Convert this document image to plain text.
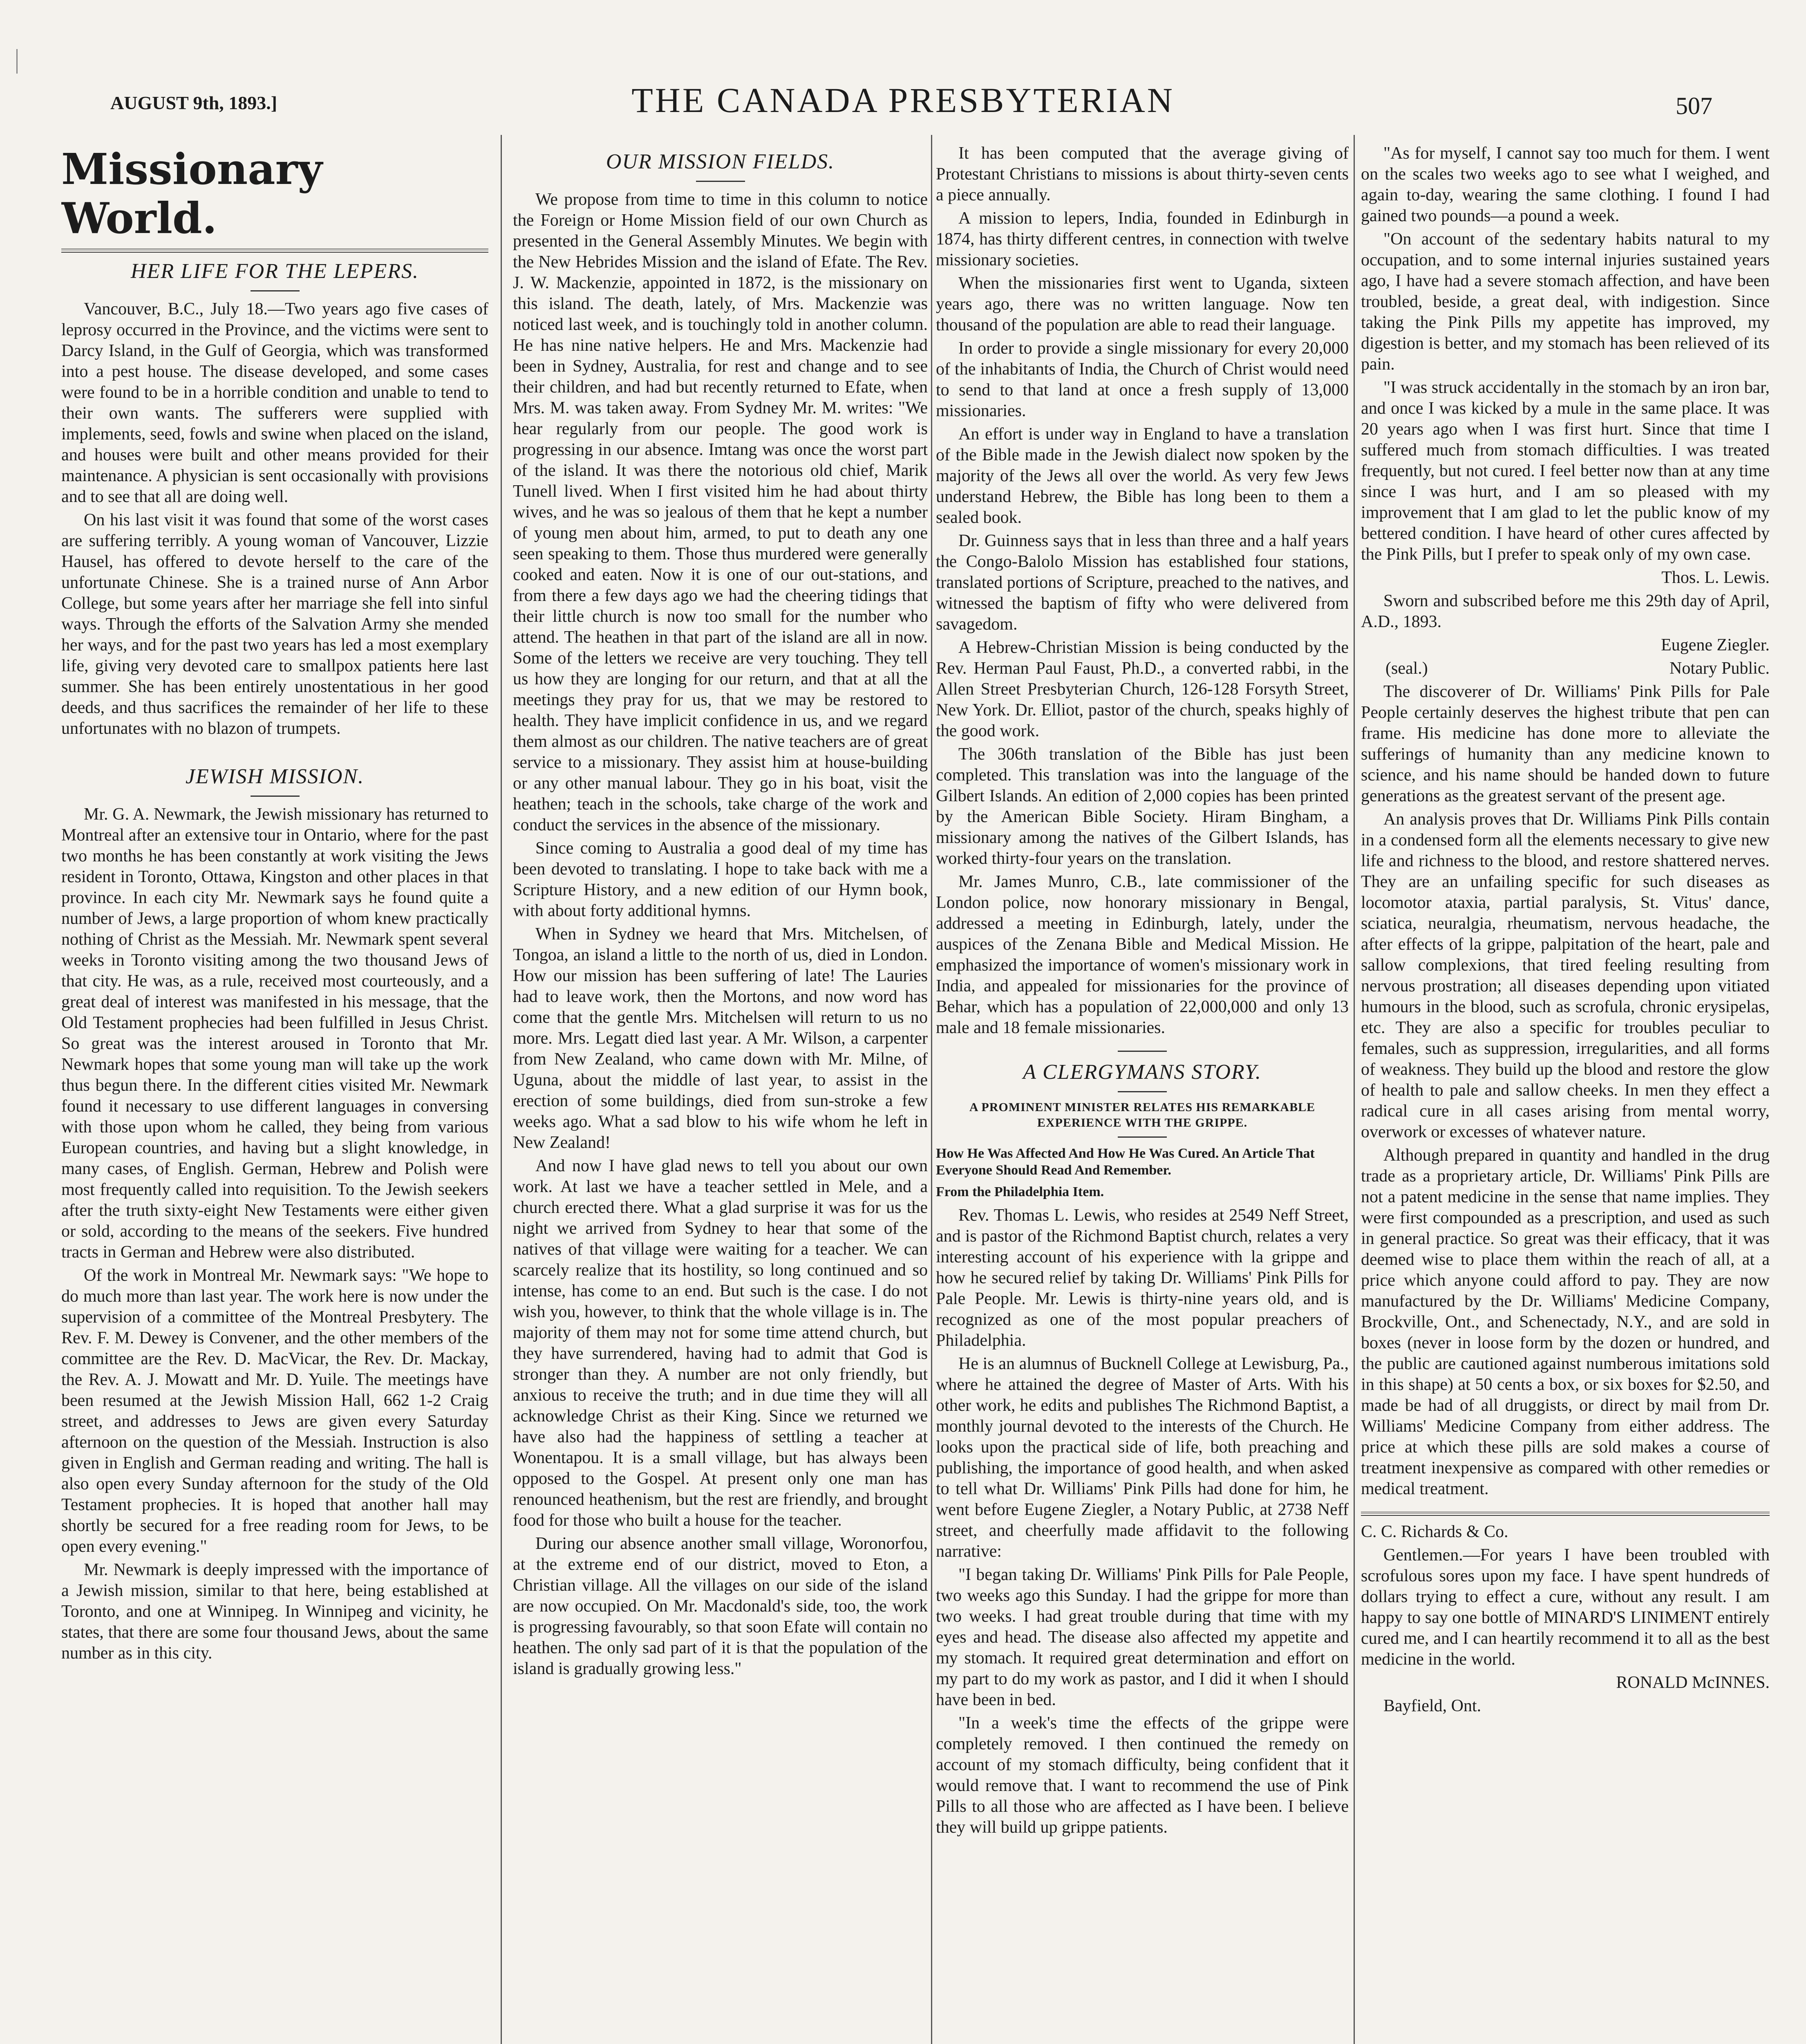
AUGUST 9th, 1893.]	THE CANADA PRESBYTERIAN	507
Missionary World.
HER LIFE FOR THE LEPERS.

Vancouver, B.C., July 18.—Two years ago five cases of leprosy occurred in the Province, and the victims were sent to Darcy Island, in the Gulf of Georgia, which was transformed into a pest house. The disease developed, and some cases were found to be in a horrible condition and unable to tend to their own wants. The sufferers were supplied with implements, seed, fowls and swine when placed on the island, and houses were built and other means provided for their maintenance. A physician is sent occasionally with provisions and to see that all are doing well.

On his last visit it was found that some of the worst cases are suffering terribly. A young woman of Vancouver, Lizzie Hausel, has offered to devote herself to the care of the unfortunate Chinese. She is a trained nurse of Ann Arbor College, but some years after her marriage she fell into sinful ways. Through the efforts of the Salvation Army she mended her ways, and for the past two years has led a most exemplary life, giving very devoted care to smallpox patients here last summer. She has been entirely unostentatious in her good deeds, and thus sacrifices the remainder of her life to these unfortunates with no blazon of trumpets.

JEWISH MISSION.

Mr. G. A. Newmark, the Jewish missionary has returned to Montreal after an extensive tour in Ontario, where for the past two months he has been constantly at work visiting the Jews resident in Toronto, Ottawa, Kingston and other places in that province. In each city Mr. Newmark says he found quite a number of Jews, a large proportion of whom knew practically nothing of Christ as the Messiah. Mr. Newmark spent several weeks in Toronto visiting among the two thousand Jews of that city. He was, as a rule, received most courteously, and a great deal of interest was manifested in his message, that the Old Testament prophecies had been fulfilled in Jesus Christ. So great was the interest aroused in Toronto that Mr. Newmark hopes that some young man will take up the work thus begun there. In the different cities visited Mr. Newmark found it necessary to use different languages in conversing with those upon whom he called, they being from various European countries, and having but a slight knowledge, in many cases, of English. German, Hebrew and Polish were most frequently called into requisition. To the Jewish seekers after the truth sixty-eight New Testaments were either given or sold, according to the means of the seekers. Five hundred tracts in German and Hebrew were also distributed.

Of the work in Montreal Mr. Newmark says: "We hope to do much more than last year. The work here is now under the supervision of a committee of the Montreal Presbytery. The Rev. F. M. Dewey is Convener, and the other members of the committee are the Rev. D. MacVicar, the Rev. Dr. Mackay, the Rev. A. J. Mowatt and Mr. D. Yuile. The meetings have been resumed at the Jewish Mission Hall, 662 1-2 Craig street, and addresses to Jews are given every Saturday afternoon on the question of the Messiah. Instruction is also given in English and German reading and writing. The hall is also open every Sunday afternoon for the study of the Old Testament prophecies. It is hoped that another hall may shortly be secured for a free reading room for Jews, to be open every evening."

Mr. Newmark is deeply impressed with the importance of a Jewish mission, similar to that here, being established at Toronto, and one at Winnipeg. In Winnipeg and vicinity, he states, that there are some four thousand Jews, about the same number as in this city.

OUR MISSION FIELDS.

We propose from time to time in this column to notice the Foreign or Home Mission field of our own Church as presented in the General Assembly Minutes. We begin with the New Hebrides Mission and the island of Efate. The Rev. J. W. Mackenzie, appointed in 1872, is the missionary on this island. The death, lately, of Mrs. Mackenzie was noticed last week, and is touchingly told in another column. He has nine native helpers. He and Mrs. Mackenzie had been in Sydney, Australia, for rest and change and to see their children, and had but recently returned to Efate, when Mrs. M. was taken away. From Sydney Mr. M. writes: "We hear regularly from our people. The good work is progressing in our absence. Imtang was once the worst part of the island. It was there the notorious old chief, Marik Tunell lived. When I first visited him he had about thirty wives, and he was so jealous of them that he kept a number of young men about him, armed, to put to death any one seen speaking to them. Those thus murdered were generally cooked and eaten. Now it is one of our out-stations, and from there a few days ago we had the cheering tidings that their little church is now too small for the number who attend. The heathen in that part of the island are all in now. Some of the letters we receive are very touching. They tell us how they are longing for our return, and that at all the meetings they pray for us, that we may be restored to health. They have implicit confidence in us, and we regard them almost as our children. The native teachers are of great service to a missionary. They assist him at house-building or any other manual labour. They go in his boat, visit the heathen; teach in the schools, take charge of the work and conduct the services in the absence of the missionary.

Since coming to Australia a good deal of my time has been devoted to translating. I hope to take back with me a Scripture History, and a new edition of our Hymn book, with about forty additional hymns.

When in Sydney we heard that Mrs. Mitchelsen, of Tongoa, an island a little to the north of us, died in London. How our mission has been suffering of late! The Lauries had to leave work, then the Mortons, and now word has come that the gentle Mrs. Mitchelsen will return to us no more. Mrs. Legatt died last year. A Mr. Wilson, a carpenter from New Zealand, who came down with Mr. Milne, of Uguna, about the middle of last year, to assist in the erection of some buildings, died from sun-stroke a few weeks ago. What a sad blow to his wife whom he left in New Zealand!

And now I have glad news to tell you about our own work. At last we have a teacher settled in Mele, and a church erected there. What a glad surprise it was for us the night we arrived from Sydney to hear that some of the natives of that village were waiting for a teacher. We can scarcely realize that its hostility, so long continued and so intense, has come to an end. But such is the case. I do not wish you, however, to think that the whole village is in. The majority of them may not for some time attend church, but they have surrendered, having had to admit that God is stronger than they. A number are not only friendly, but anxious to receive the truth; and in due time they will all acknowledge Christ as their King. Since we returned we have also had the happiness of settling a teacher at Wonentapou. It is a small village, but has always been opposed to the Gospel. At present only one man has renounced heathenism, but the rest are friendly, and brought food for those who built a house for the teacher.

During our absence another small village, Woronorfou, at the extreme end of our district, moved to Eton, a Christian village. All the villages on our side of the island are now occupied. On Mr. Macdonald's side, too, the work is progressing favourably, so that soon Efate will contain no heathen. The only sad part of it is that the population of the island is gradually growing less."

It has been computed that the average giving of Protestant Christians to missions is about thirty-seven cents a piece annually.

A mission to lepers, India, founded in Edinburgh in 1874, has thirty different centres, in connection with twelve missionary societies.

When the missionaries first went to Uganda, sixteen years ago, there was no written language. Now ten thousand of the population are able to read their language.

In order to provide a single missionary for every 20,000 of the inhabitants of India, the Church of Christ would need to send to that land at once a fresh supply of 13,000 missionaries.

An effort is under way in England to have a translation of the Bible made in the Jewish dialect now spoken by the majority of the Jews all over the world. As very few Jews understand Hebrew, the Bible has long been to them a sealed book.

Dr. Guinness says that in less than three and a half years the Congo-Balolo Mission has established four stations, translated portions of Scripture, preached to the natives, and witnessed the baptism of fifty who were delivered from savagedom.

A Hebrew-Christian Mission is being conducted by the Rev. Herman Paul Faust, Ph.D., a converted rabbi, in the Allen Street Presbyterian Church, 126-128 Forsyth Street, New York. Dr. Elliot, pastor of the church, speaks highly of the good work.

The 306th translation of the Bible has just been completed. This translation was into the language of the Gilbert Islands. An edition of 2,000 copies has been printed by the American Bible Society. Hiram Bingham, a missionary among the natives of the Gilbert Islands, has worked thirty-four years on the translation.

Mr. James Munro, C.B., late commissioner of the London police, now honorary missionary in Bengal, addressed a meeting in Edinburgh, lately, under the auspices of the Zenana Bible and Medical Mission. He emphasized the importance of women's missionary work in India, and appealed for missionaries for the province of Behar, which has a population of 22,000,000 and only 13 male and 18 female missionaries.

A CLERGYMANS STORY.
A PROMINENT MINISTER RELATES HIS REMARKABLE EXPERIENCE WITH THE GRIPPE.
How He Was Affected And How He Was Cured. An Article That Everyone Should Read And Remember.
From the Philadelphia Item.

Rev. Thomas L. Lewis, who resides at 2549 Neff Street, and is pastor of the Richmond Baptist church, relates a very interesting account of his experience with la grippe and how he secured relief by taking Dr. Williams' Pink Pills for Pale People. Mr. Lewis is thirty-nine years old, and is recognized as one of the most popular preachers of Philadelphia.

He is an alumnus of Bucknell College at Lewisburg, Pa., where he attained the degree of Master of Arts. With his other work, he edits and publishes The Richmond Baptist, a monthly journal devoted to the interests of the Church. He looks upon the practical side of life, both preaching and publishing, the importance of good health, and when asked to tell what Dr. Williams' Pink Pills had done for him, he went before Eugene Ziegler, a Notary Public, at 2738 Neff street, and cheerfully made affidavit to the following narrative:

"I began taking Dr. Williams' Pink Pills for Pale People, two weeks ago this Sunday. I had the grippe for more than two weeks. I had great trouble during that time with my eyes and head. The disease also affected my appetite and my stomach. It required great determination and effort on my part to do my work as pastor, and I did it when I should have been in bed.

"In a week's time the effects of the grippe were completely removed. I then continued the remedy on account of my stomach difficulty, being confident that it would remove that. I want to recommend the use of Pink Pills to all those who are affected as I have been. I believe they will build up grippe patients.

"As for myself, I cannot say too much for them. I went on the scales two weeks ago to see what I weighed, and again to-day, wearing the same clothing. I found I had gained two pounds—a pound a week.

"On account of the sedentary habits natural to my occupation, and to some internal injuries sustained years ago, I have had a severe stomach affection, and have been troubled, beside, a great deal, with indigestion. Since taking the Pink Pills my appetite has improved, my digestion is better, and my stomach has been relieved of its pain.

"I was struck accidentally in the stomach by an iron bar, and once I was kicked by a mule in the same place. It was 20 years ago when I was first hurt. Since that time I suffered much from stomach difficulties. I was treated frequently, but not cured. I feel better now than at any time since I was hurt, and I am so pleased with my improvement that I am glad to let the public know of my bettered condition. I have heard of other cures affected by the Pink Pills, but I prefer to speak only of my own case.

Thos. L. Lewis.

Sworn and subscribed before me this 29th day of April, A.D., 1893.

Eugene Ziegler.

(seal.)	Notary Public.

The discoverer of Dr. Williams' Pink Pills for Pale People certainly deserves the highest tribute that pen can frame. His medicine has done more to alleviate the sufferings of humanity than any medicine known to science, and his name should be handed down to future generations as the greatest servant of the present age.

An analysis proves that Dr. Williams Pink Pills contain in a condensed form all the elements necessary to give new life and richness to the blood, and restore shattered nerves. They are an unfailing specific for such diseases as locomotor ataxia, partial paralysis, St. Vitus' dance, sciatica, neuralgia, rheumatism, nervous headache, the after effects of la grippe, palpitation of the heart, pale and sallow complexions, that tired feeling resulting from nervous prostration; all diseases depending upon vitiated humours in the blood, such as scrofula, chronic erysipelas, etc. They are also a specific for troubles peculiar to females, such as suppression, irregularities, and all forms of weakness. They build up the blood and restore the glow of health to pale and sallow cheeks. In men they effect a radical cure in all cases arising from mental worry, overwork or excesses of whatever nature.

Although prepared in quantity and handled in the drug trade as a proprietary article, Dr. Williams' Pink Pills are not a patent medicine in the sense that name implies. They were first compounded as a prescription, and used as such in general practice. So great was their efficacy, that it was deemed wise to place them within the reach of all, at a price which anyone could afford to pay. They are now manufactured by the Dr. Williams' Medicine Company, Brockville, Ont., and Schenectady, N.Y., and are sold in boxes (never in loose form by the dozen or hundred, and the public are cautioned against numberous imitations sold in this shape) at 50 cents a box, or six boxes for $2.50, and made be had of all druggists, or direct by mail from Dr. Williams' Medicine Company from either address. The price at which these pills are sold makes a course of treatment inexpensive as compared with other remedies or medical treatment.

C. C. Richards & Co.

Gentlemen.—For years I have been troubled with scrofulous sores upon my face. I have spent hundreds of dollars trying to effect a cure, without any result. I am happy to say one bottle of MINARD'S LINIMENT entirely cured me, and I can heartily recommend it to all as the best medicine in the world.

RONALD McINNES.

Bayfield, Ont.
